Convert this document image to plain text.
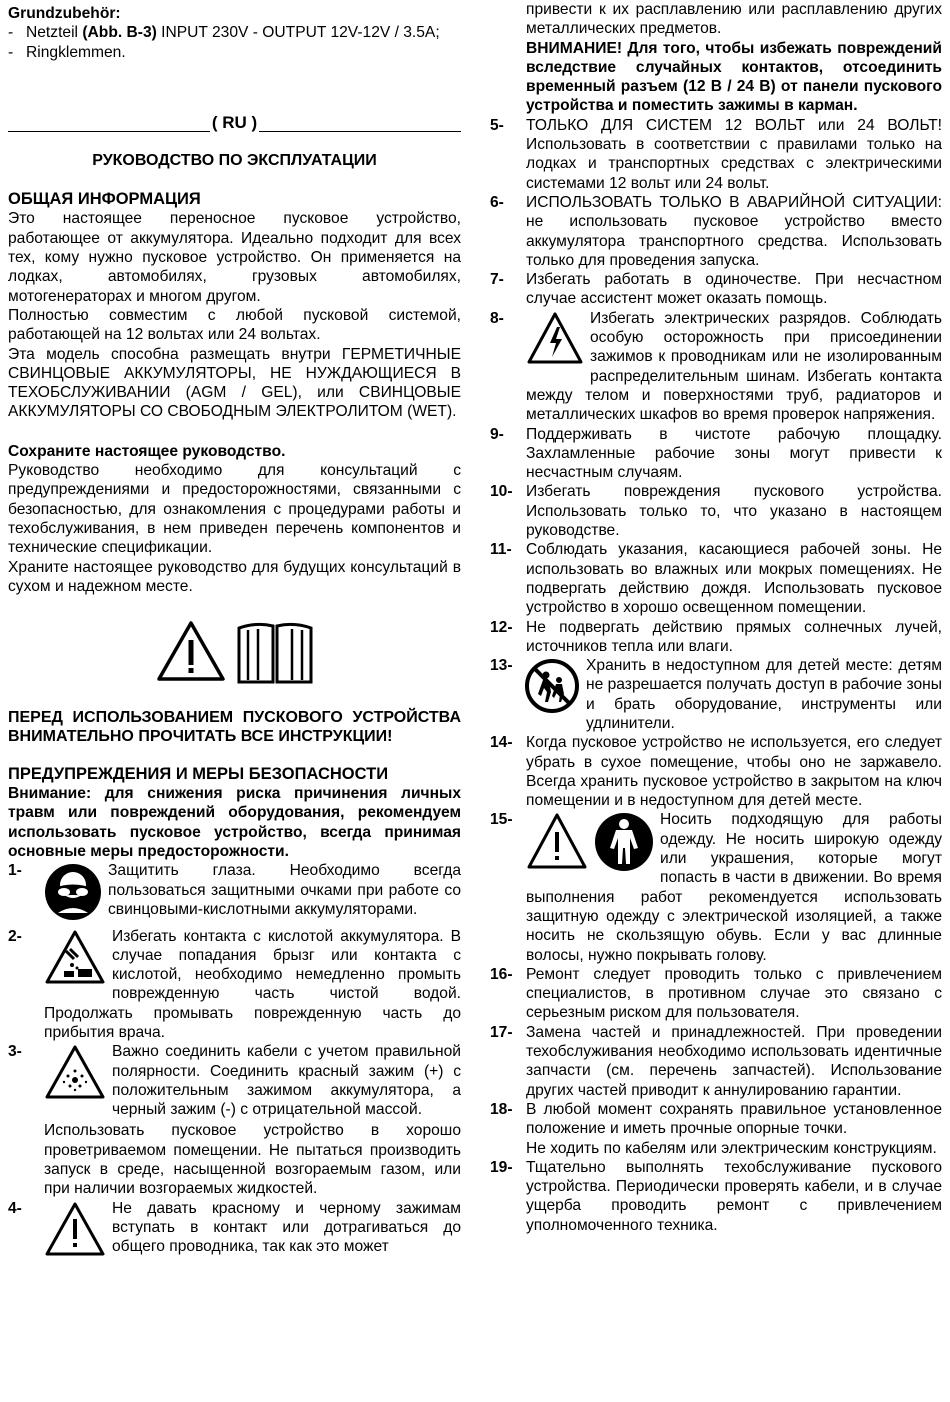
Grundzubehör:
- Netzteil (Abb. B-3) INPUT 230V - OUTPUT 12V-12V / 3.5A;
- Ringklemmen.
( RU )
РУКОВОДСТВО ПО ЭКСПЛУАТАЦИИ
ОБЩАЯ ИНФОРМАЦИЯ
Это настоящее переносное пусковое устройство, работающее от аккумулятора. Идеально подходит для всех тех, кому нужно пусковое устройство. Он применяется на лодках, автомобилях, грузовых автомобилях, мотогенераторах и многом другом.
Полностью совместим с любой пусковой системой, работающей на 12 вольтах или 24 вольтах.
Эта модель способна размещать внутри ГЕРМЕТИЧНЫЕ СВИНЦОВЫЕ АККУМУЛЯТОРЫ, НЕ НУЖДАЮЩИЕСЯ В ТЕХОБСЛУЖИВАНИИ (AGM / GEL), или СВИНЦОВЫЕ АККУМУЛЯТОРЫ СО СВОБОДНЫМ ЭЛЕКТРОЛИТОМ (WET).
Сохраните настоящее руководство.
Руководство необходимо для консультаций с предупреждениями и предосторожностями, связанными с безопасностью, для ознакомления с процедурами работы и техобслуживания, в нем приведен перечень компонентов и технические спецификации.
Храните настоящее руководство для будущих консультаций в сухом и надежном месте.
ПЕРЕД ИСПОЛЬЗОВАНИЕМ ПУСКОВОГО УСТРОЙСТВА ВНИМАТЕЛЬНО ПРОЧИТАТЬ ВСЕ ИНСТРУКЦИИ!
ПРЕДУПРЕЖДЕНИЯ И МЕРЫ БЕЗОПАСНОСТИ
Внимание: для снижения риска причинения личных травм или повреждений оборудования, рекомендуем использовать пусковое устройство, всегда принимая основные меры предосторожности.
1-	Защитить глаза. Необходимо всегда пользоваться защитными очками при работе со свинцовыми-кислотными аккумуляторами.
2-	Избегать контакта с кислотой аккумулятора. В случае попадания брызг или контакта с кислотой, необходимо немедленно промыть поврежденную часть чистой водой. Продолжать промывать поврежденную часть до прибытия врача.
3-	Важно соединить кабели с учетом правильной полярности. Соединить красный зажим (+) с положительным зажимом аккумулятора, а черный зажим (-) с отрицательной массой.
Использовать пусковое устройство в хорошо проветриваемом помещении. Не пытаться производить запуск в среде, насыщенной возгораемым газом, или при наличии возгораемых жидкостей.
4-	Не давать красному и черному зажимам вступать в контакт или дотрагиваться до общего проводника, так как это может
привести к их расплавлению или расплавлению других металлических предметов.
ВНИМАНИЕ! Для того, чтобы избежать повреждений вследствие случайных контактов, отсоединить временный разъем (12 В / 24 В) от панели пускового устройства и поместить зажимы в карман.
5- ТОЛЬКО ДЛЯ СИСТЕМ 12 ВОЛЬТ или 24 ВОЛЬТ! Использовать в соответствии с правилами только на лодках и транспортных средствах с электрическими системами 12 вольт или 24 вольт.
6- ИСПОЛЬЗОВАТЬ ТОЛЬКО В АВАРИЙНОЙ СИТУАЦИИ: не использовать пусковое устройство вместо аккумулятора транспортного средства. Использовать только для проведения запуска.
7- Избегать работать в одиночестве. При несчастном случае ассистент может оказать помощь.
8-	Избегать электрических разрядов. Соблюдать особую осторожность при присоединении зажимов к проводникам или не изолированным распределительным шинам. Избегать контакта между телом и поверхностями труб, радиаторов и металлических шкафов во время проверок напряжения.
9- Поддерживать в чистоте рабочую площадку. Захламленные рабочие зоны могут привести к несчастным случаям.
10- Избегать повреждения пускового устройства. Использовать только то, что указано в настоящем руководстве.
11- Соблюдать указания, касающиеся рабочей зоны. Не использовать во влажных или мокрых помещениях. Не подвергать действию дождя. Использовать пусковое устройство в хорошо освещенном помещении.
12- Не подвергать действию прямых солнечных лучей, источников тепла или влаги.
13-	Хранить в недоступном для детей месте: детям не разрешается получать доступ в рабочие зоны и брать оборудование, инструменты или удлинители.
14- Когда пусковое устройство не используется, его следует убрать в сухое помещение, чтобы оно не заржавело. Всегда хранить пусковое устройство в закрытом на ключ помещении и в недоступном для детей месте.
15-	Носить подходящую для работы одежду. Не носить широкую одежду или украшения, которые могут попасть в части в движении. Во время выполнения работ рекомендуется использовать защитную одежду с электрической изоляцией, а также носить не скользящую обувь. Если у вас длинные волосы, нужно покрывать голову.
16- Ремонт следует проводить только с привлечением специалистов, в противном случае это связано с серьезным риском для пользователя.
17- Замена частей и принадлежностей. При проведении техобслуживания необходимо использовать идентичные запчасти (см. перечень запчастей). Использование других частей приводит к аннулированию гарантии.
18- В любой момент сохранять правильное установленное положение и иметь прочные опорные точки.
Не ходить по кабелям или электрическим конструкциям.
19- Тщательно выполнять техобслуживание пускового устройства. Периодически проверять кабели, и в случае ущерба проводить ремонт с привлечением уполномоченного техника.
